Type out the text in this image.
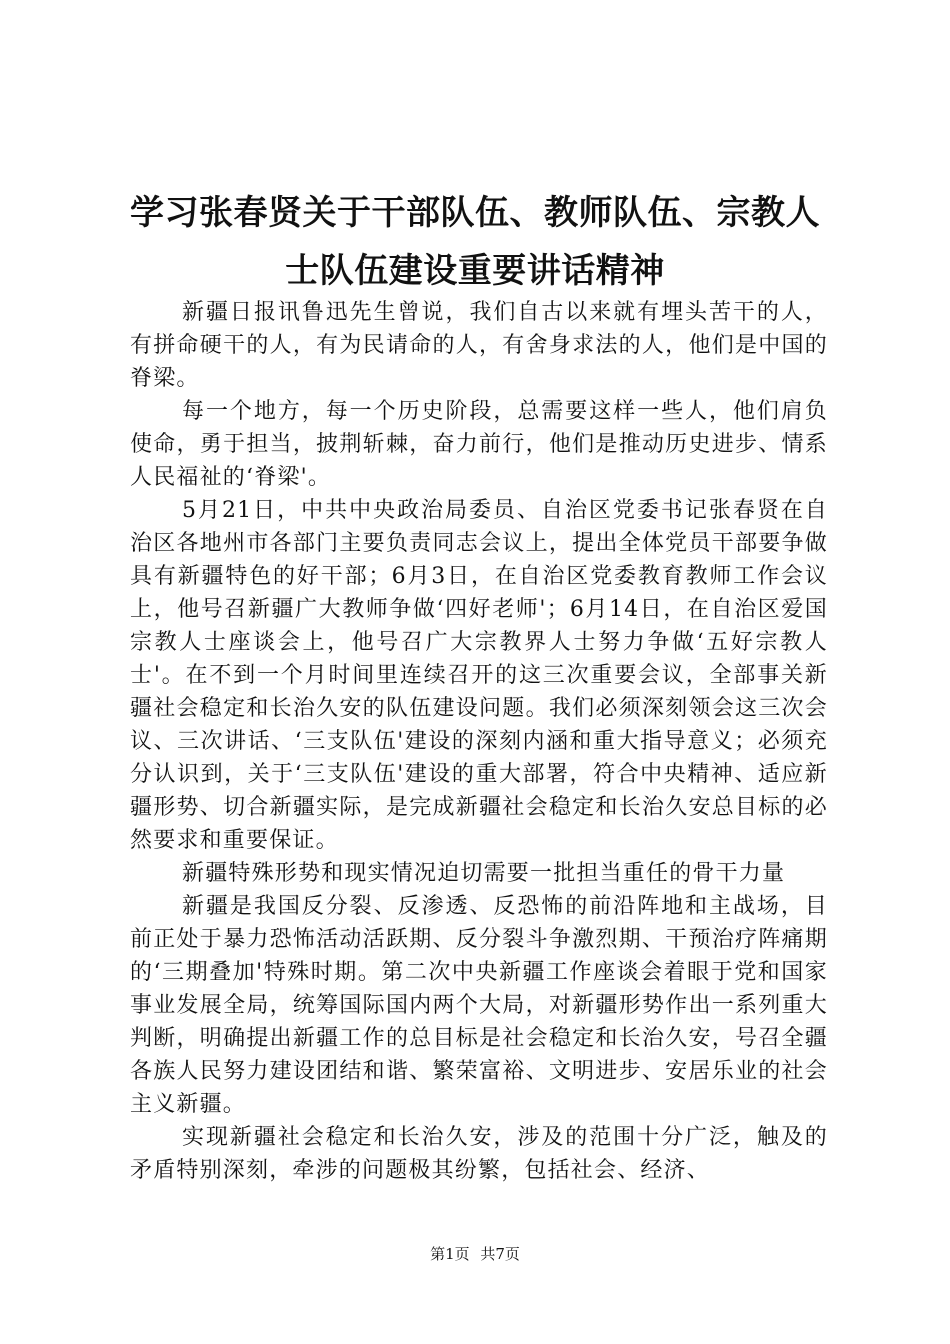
学习张春贤关于干部队伍、教师队伍、宗教人
士队伍建设重要讲话精神

新疆日报讯鲁迅先生曾说，我们自古以来就有埋头苦干的人，有拼命硬干的人，有为民请命的人，有舍身求法的人，他们是中国的脊梁。

每一个地方，每一个历史阶段，总需要这样一些人，他们肩负使命，勇于担当，披荆斩棘，奋力前行，他们是推动历史进步、情系人民福祉的‘脊梁'。

5月21日，中共中央政治局委员、自治区党委书记张春贤在自治区各地州市各部门主要负责同志会议上，提出全体党员干部要争做具有新疆特色的好干部；6月3日，在自治区党委教育教师工作会议上，他号召新疆广大教师争做‘四好老师'；6月14日，在自治区爱国宗教人士座谈会上，他号召广大宗教界人士努力争做‘五好宗教人士'。在不到一个月时间里连续召开的这三次重要会议，全部事关新疆社会稳定和长治久安的队伍建设问题。我们必须深刻领会这三次会议、三次讲话、‘三支队伍'建设的深刻内涵和重大指导意义；必须充分认识到，关于‘三支队伍'建设的重大部署，符合中央精神、适应新疆形势、切合新疆实际，是完成新疆社会稳定和长治久安总目标的必然要求和重要保证。

新疆特殊形势和现实情况迫切需要一批担当重任的骨干力量

新疆是我国反分裂、反渗透、反恐怖的前沿阵地和主战场，目前正处于暴力恐怖活动活跃期、反分裂斗争激烈期、干预治疗阵痛期的‘三期叠加'特殊时期。第二次中央新疆工作座谈会着眼于党和国家事业发展全局，统筹国际国内两个大局，对新疆形势作出一系列重大判断，明确提出新疆工作的总目标是社会稳定和长治久安，号召全疆各族人民努力建设团结和谐、繁荣富裕、文明进步、安居乐业的社会主义新疆。

实现新疆社会稳定和长治久安，涉及的范围十分广泛，触及的矛盾特别深刻，牵涉的问题极其纷繁，包括社会、经济、

第1页 共7页
